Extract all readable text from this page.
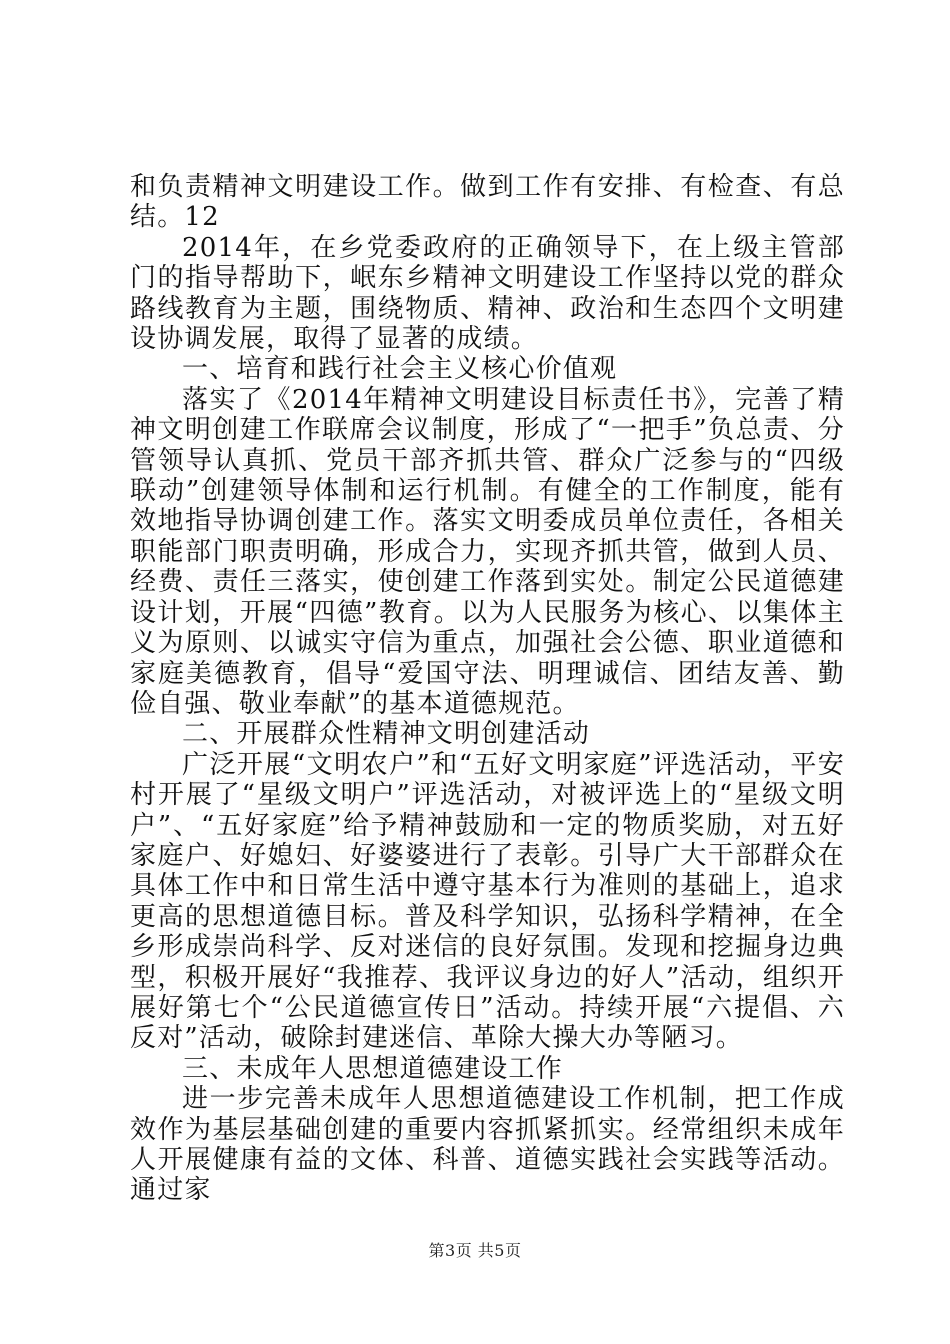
和负责精神文明建设工作。做到工作有安排、有检查、有总结。12

2014年，在乡党委政府的正确领导下，在上级主管部门的指导帮助下，岷东乡精神文明建设工作坚持以党的群众路线教育为主题，围绕物质、精神、政治和生态四个文明建设协调发展，取得了显著的成绩。

一、培育和践行社会主义核心价值观

落实了《2014年精神文明建设目标责任书》，完善了精神文明创建工作联席会议制度，形成了“一把手”负总责、分管领导认真抓、党员干部齐抓共管、群众广泛参与的“四级联动”创建领导体制和运行机制。有健全的工作制度，能有效地指导协调创建工作。落实文明委成员单位责任，各相关职能部门职责明确，形成合力，实现齐抓共管，做到人员、经费、责任三落实，使创建工作落到实处。制定公民道德建设计划，开展“四德”教育。以为人民服务为核心、以集体主义为原则、以诚实守信为重点，加强社会公德、职业道德和家庭美德教育，倡导“爱国守法、明理诚信、团结友善、勤俭自强、敬业奉献”的基本道德规范。

二、开展群众性精神文明创建活动

广泛开展“文明农户”和“五好文明家庭”评选活动，平安村开展了“星级文明户”评选活动，对被评选上的“星级文明户”、“五好家庭”给予精神鼓励和一定的物质奖励，对五好家庭户、好媳妇、好婆婆进行了表彰。引导广大干部群众在具体工作中和日常生活中遵守基本行为准则的基础上，追求更高的思想道德目标。普及科学知识，弘扬科学精神，在全乡形成崇尚科学、反对迷信的良好氛围。发现和挖掘身边典型，积极开展好“我推荐、我评议身边的好人”活动，组织开展好第七个“公民道德宣传日”活动。持续开展“六提倡、六反对”活动，破除封建迷信、革除大操大办等陋习。

三、未成年人思想道德建设工作

进一步完善未成年人思想道德建设工作机制，把工作成效作为基层基础创建的重要内容抓紧抓实。经常组织未成年人开展健康有益的文体、科普、道德实践社会实践等活动。通过家

第3页 共5页
